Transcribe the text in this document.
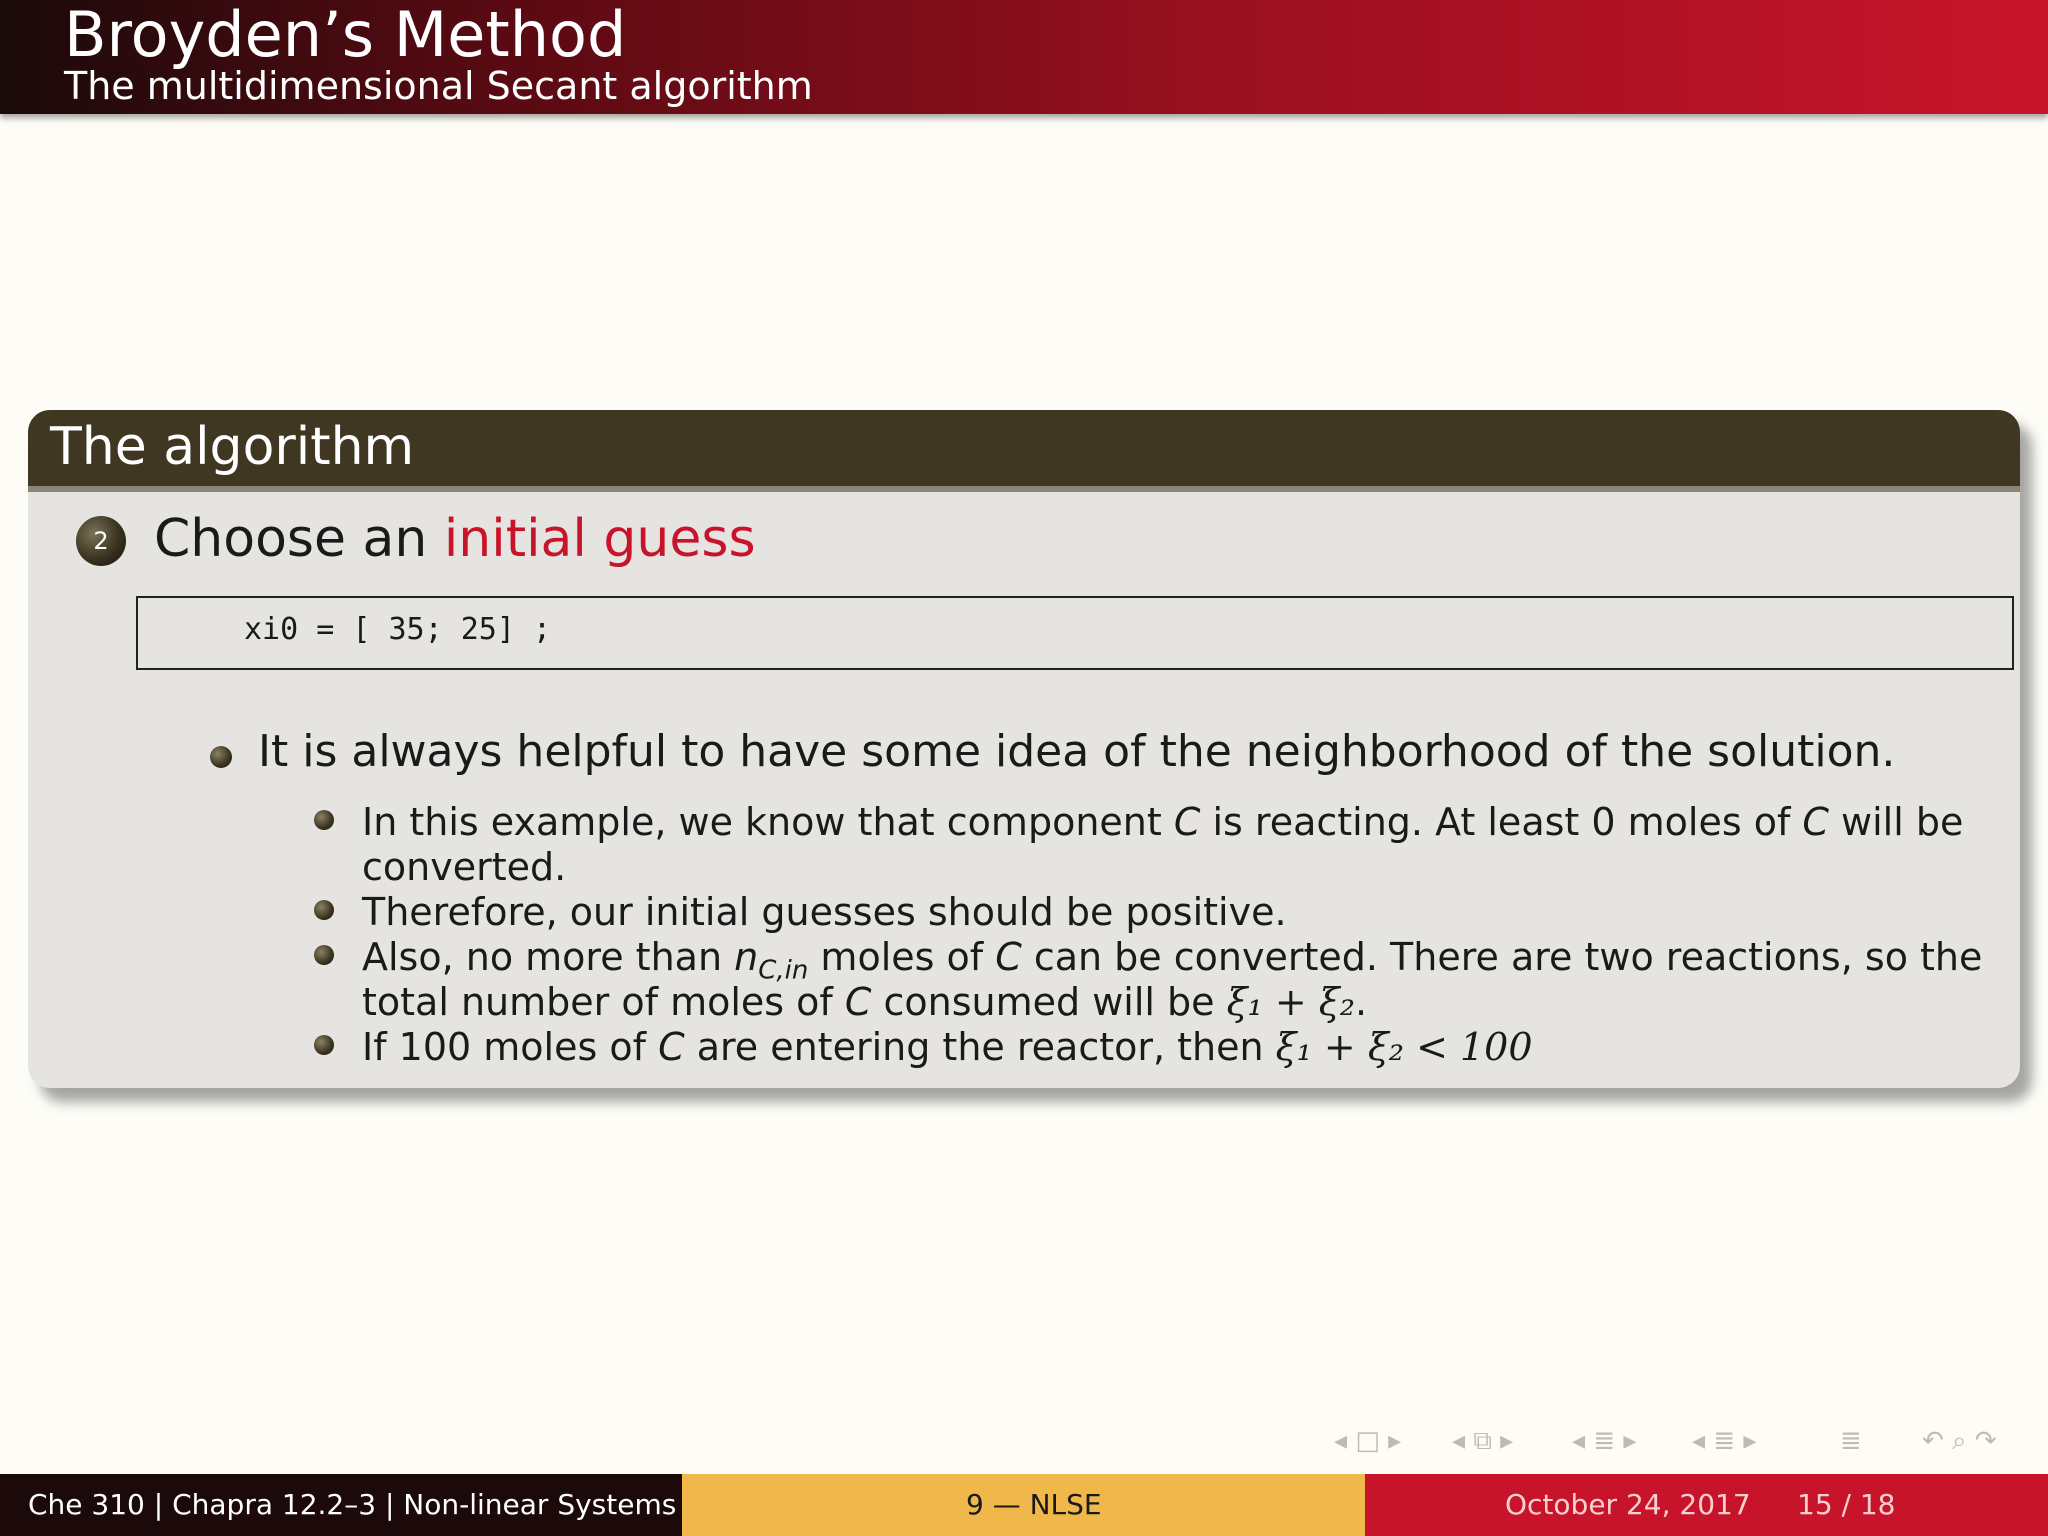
Broyden’s Method
The multidimensional Secant algorithm
The algorithm
2 Choose an initial guess
xi0 = [ 35; 25] ;
It is always helpful to have some idea of the neighborhood of the solution.
In this example, we know that component C is reacting. At least 0 moles of C will be
converted.
Therefore, our initial guesses should be positive.
Also, no more than $n_{C,in}$ moles of C can be converted. There are two reactions, so the
total number of moles of C consumed will be ξ₁ + ξ₂.
If 100 moles of C are entering the reactor, then ξ₁ + ξ₂ < 100
◂ □ ▸ ◂ ⧉ ▸ ◂ ≣ ▸ ◂ ≣ ▸	≣ ↶ ⌕ ↷
Che 310 | Chapra 12.2–3 | Non-linear Systems	9 — NLSE	October 24, 2017 15 / 18
